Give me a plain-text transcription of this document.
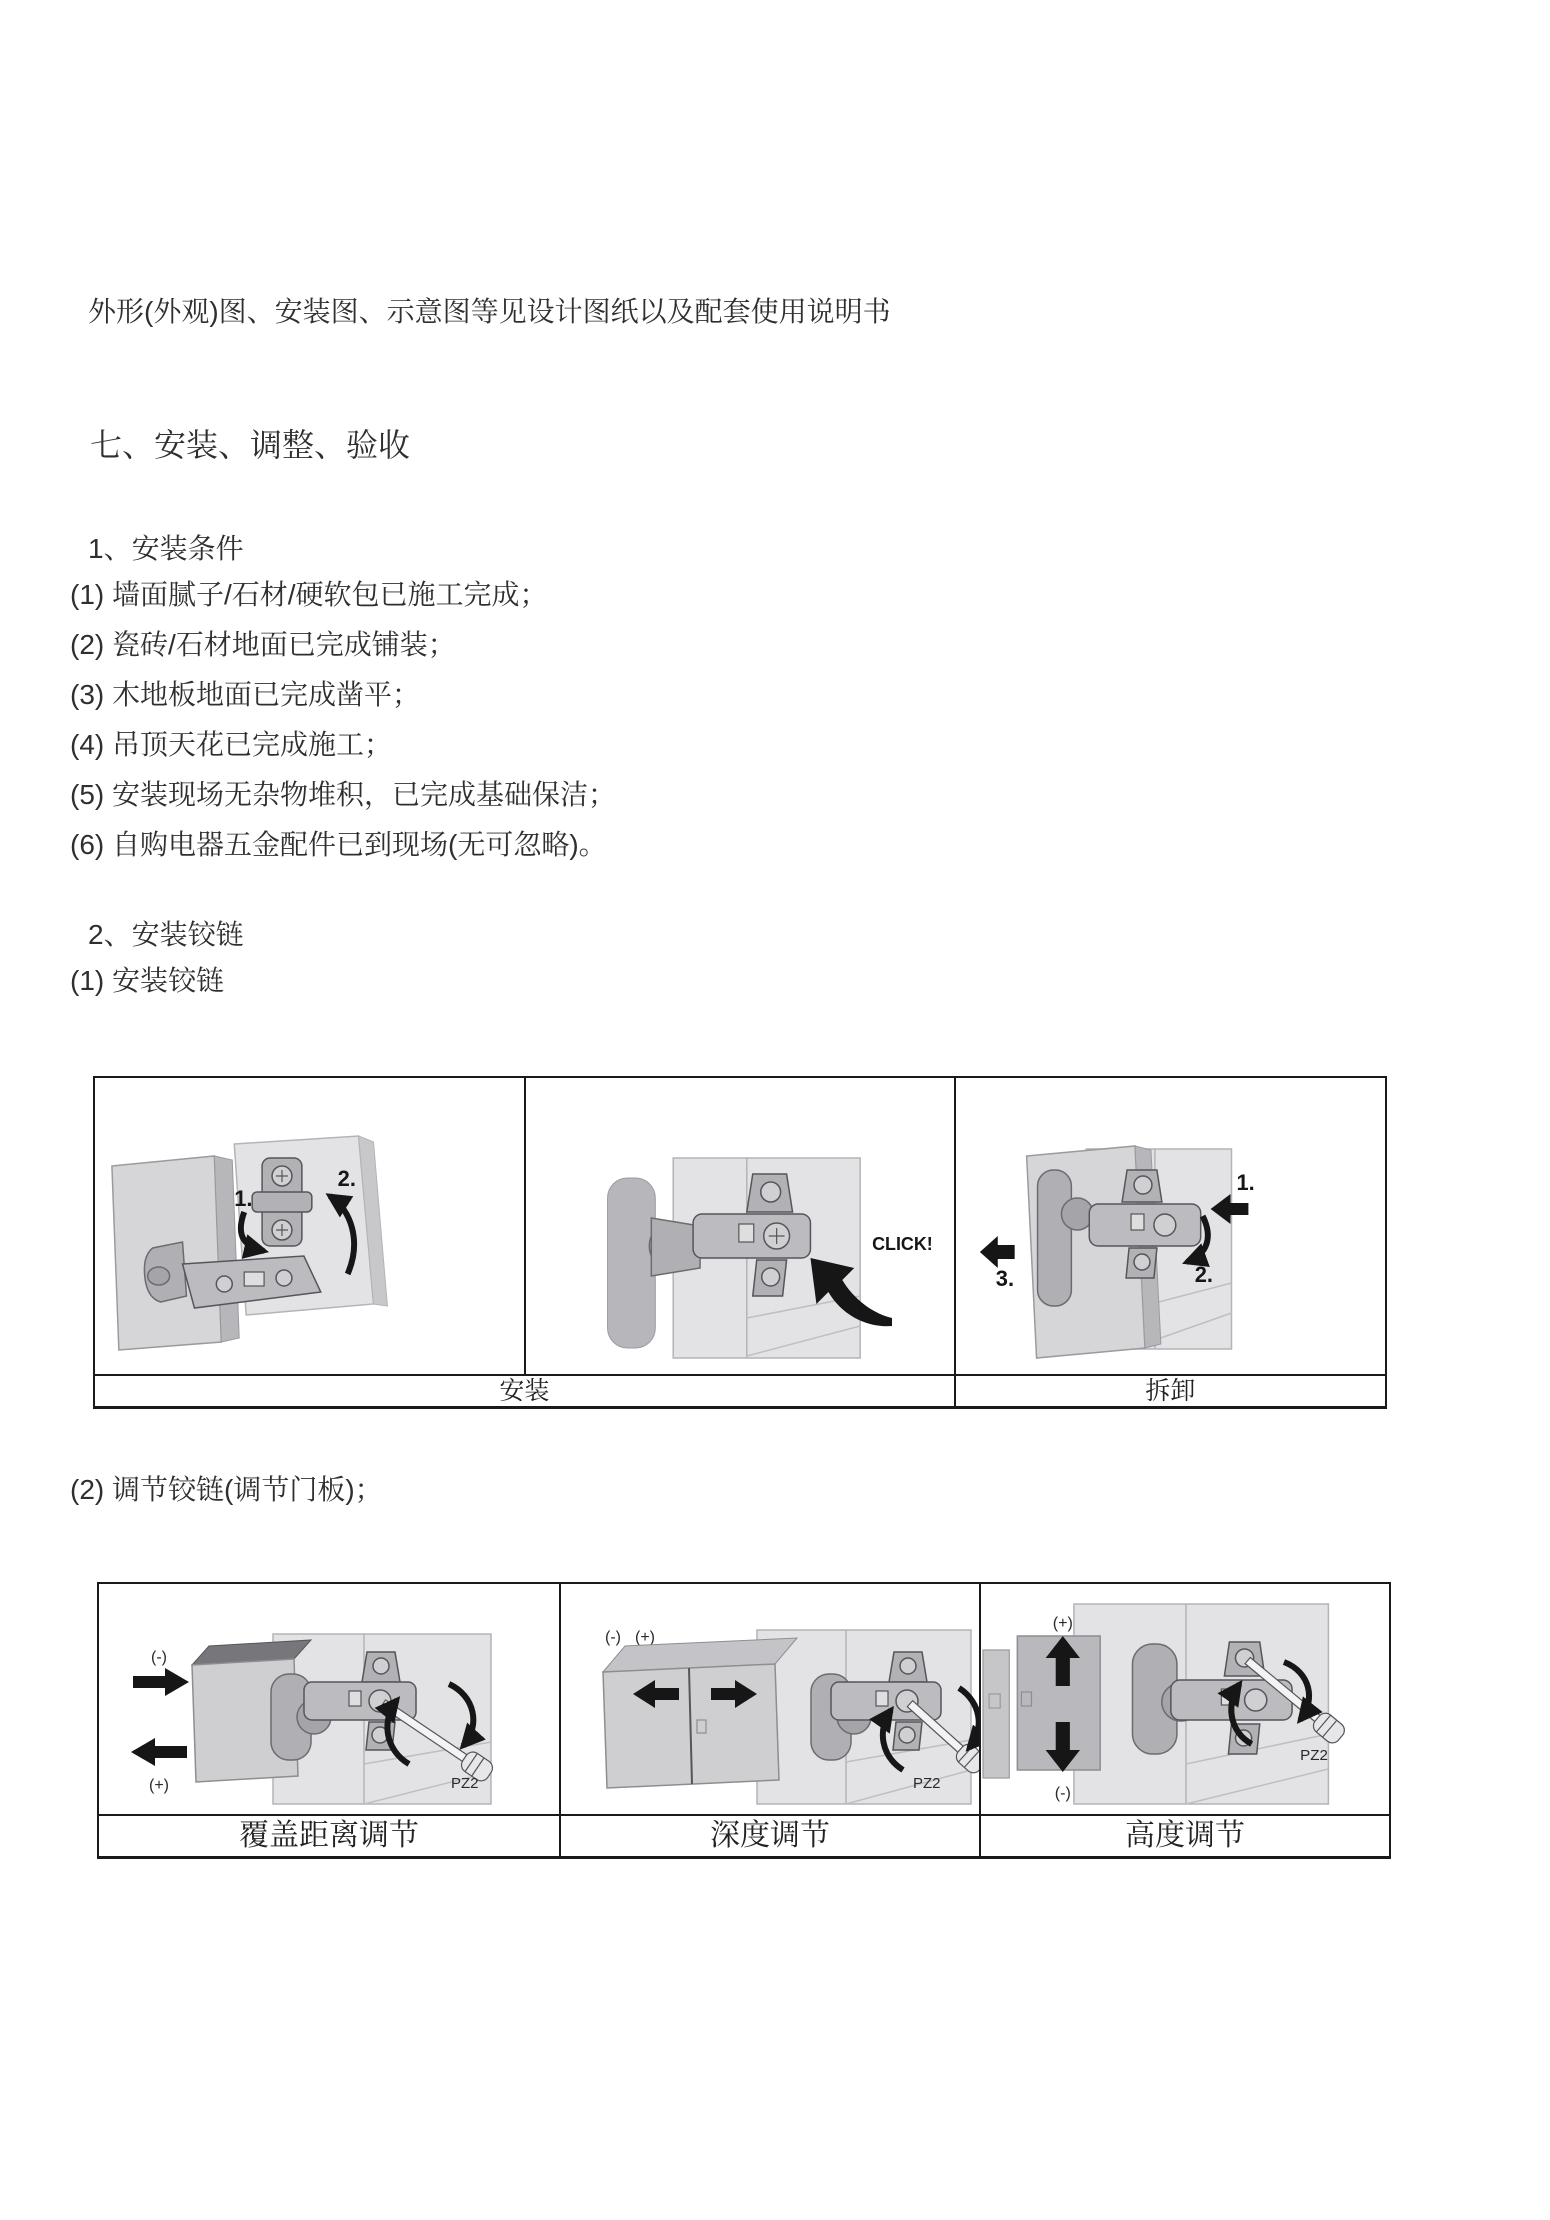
外形(外观)图、安装图、示意图等见设计图纸以及配套使用说明书
七、安装、调整、验收
1、安装条件
(1) 墙面腻子/石材/硬软包已施工完成；
(2) 瓷砖/石材地面已完成铺装；
(3) 木地板地面已完成凿平；
(4) 吊顶天花已完成施工；
(5) 安装现场无杂物堆积，已完成基础保洁；
(6) 自购电器五金配件已到现场(无可忽略)。
2、安装铰链
(1) 安装铰链
1.
2.
CLICK!
1.
2.
3.
安装	拆卸
(2) 调节铰链(调节门板)；
(-)
(+)	PZ2
(-) (+)
PZ2
(+)
(-)
PZ2
覆盖距离调节	深度调节	高度调节
